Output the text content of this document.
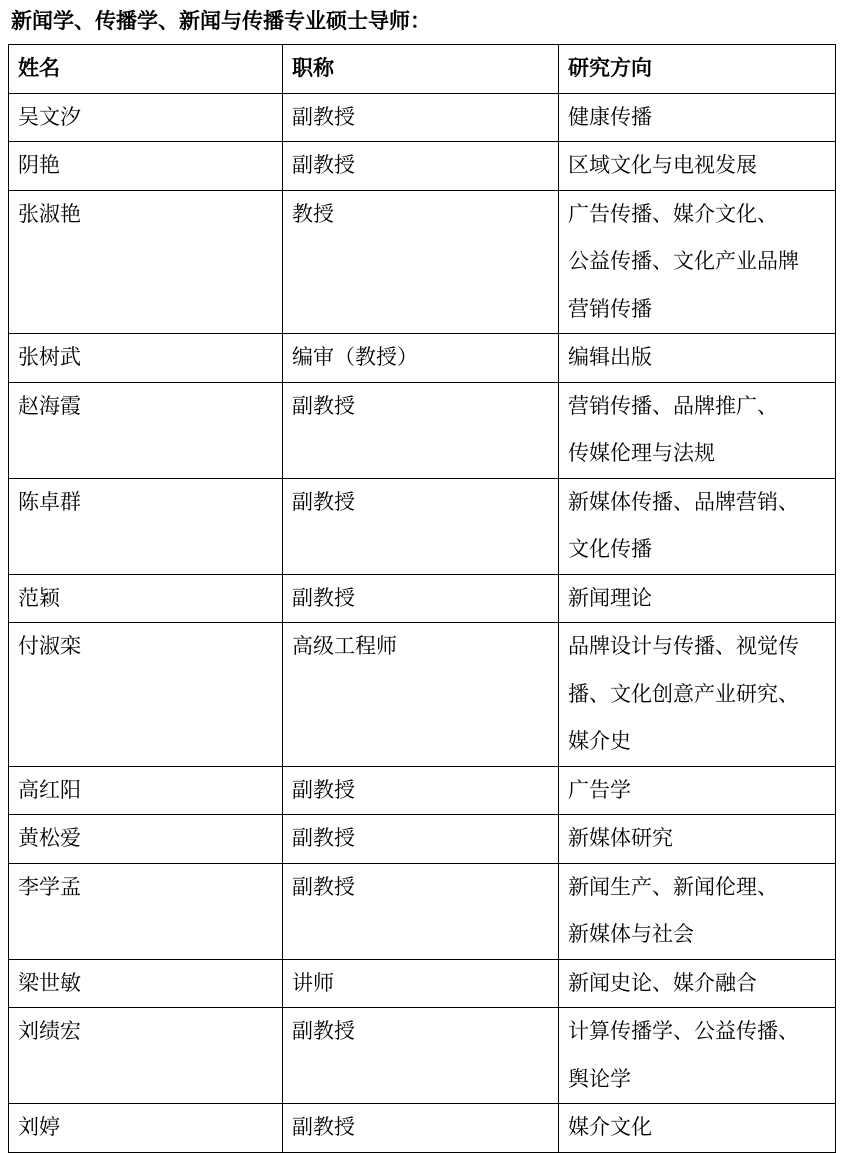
新闻学、传播学、新闻与传播专业硕士导师：
姓名	职称	研究方向
吴文汐	副教授	健康传播

阴艳	副教授	区域文化与电视发展

张淑艳	教授	广告传播、媒介文化、
公益传播、文化产业品牌
营销传播

张树武	编审（教授）	编辑出版

赵海霞	副教授	营销传播、品牌推广、
传媒伦理与法规

陈卓群	副教授	新媒体传播、品牌营销、
文化传播

范颖	副教授	新闻理论

付淑栾	高级工程师	品牌设计与传播、视觉传
播、文化创意产业研究、
媒介史

高红阳	副教授	广告学

黄松爱	副教授	新媒体研究

李学孟	副教授	新闻生产、新闻伦理、
新媒体与社会

梁世敏	讲师	新闻史论、媒介融合

刘绩宏	副教授	计算传播学、公益传播、
舆论学

刘婷	副教授	媒介文化
